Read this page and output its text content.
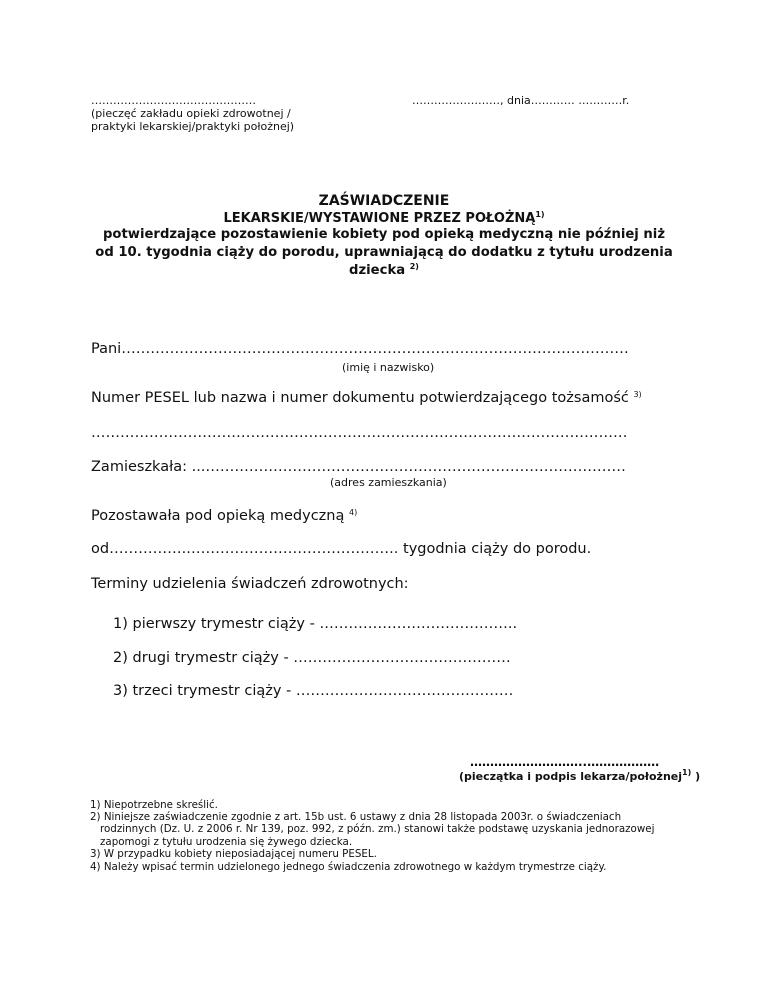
………………………………………
(pieczęć zakładu opieki zdrowotnej /
praktyki lekarskiej/praktyki położnej)
……………………, dnia………… …………r.
ZAŚWIADCZENIE
LEKARSKIE/WYSTAWIONE PRZEZ POŁOŻNĄ$^{1)}$
potwierdzające pozostawienie kobiety pod opieką medyczną nie później niż
od 10. tygodnia ciąży do porodu, uprawniającą do dodatku z tytułu urodzenia
dziecka $^{2)}$
Pani……………………………………………………………………………………………
(imię i nazwisko)
Numer PESEL lub nazwa i numer dokumentu potwierdzającego tożsamość $^{3)}$
…………………………………………………………………………………………………
Zamieszkała: ...……………………………………………………………………………
(adres zamieszkania)
Pozostawała pod opieką medyczną $^{4)}$
od…………….…………………………………….. tygodnia ciąży do porodu.
Terminy udzielenia świadczeń zdrowotnych:
1) pierwszy trymestr ciąży - …………………………………..
2) drugi trymestr ciąży - ………………………………………
3) trzeci trymestr ciąży - ………………………………………
………………………..………………
(pieczątka i podpis lekarza/położnej$^{1)}$ )
1) Niepotrzebne skreślić.
2) Niniejsze zaświadczenie zgodnie z art. 15b ust. 6 ustawy z dnia 28 listopada 2003r. o świadczeniach
rodzinnych (Dz. U. z 2006 r. Nr 139, poz. 992, z późn. zm.) stanowi także podstawę uzyskania jednorazowej
zapomogi z tytułu urodzenia się żywego dziecka.
3) W przypadku kobiety nieposiadającej numeru PESEL.
4) Należy wpisać termin udzielonego jednego świadczenia zdrowotnego w każdym trymestrze ciąży.
